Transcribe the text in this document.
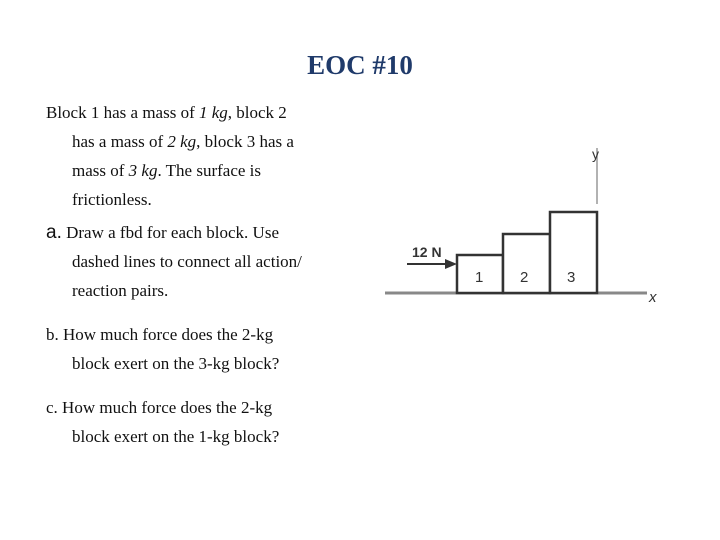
EOC #10

Block 1 has a mass of 1 kg, block 2
has a mass of 2 kg, block 3 has a
mass of 3 kg. The surface is
frictionless.

a. Draw a fbd for each block. Use
dashed lines to connect all action/
reaction pairs.

b. How much force does the 2-kg
block exert on the 3-kg block?

c. How much force does the 2-kg
block exert on the 1-kg block?

y
x
1 2	3
12 N
